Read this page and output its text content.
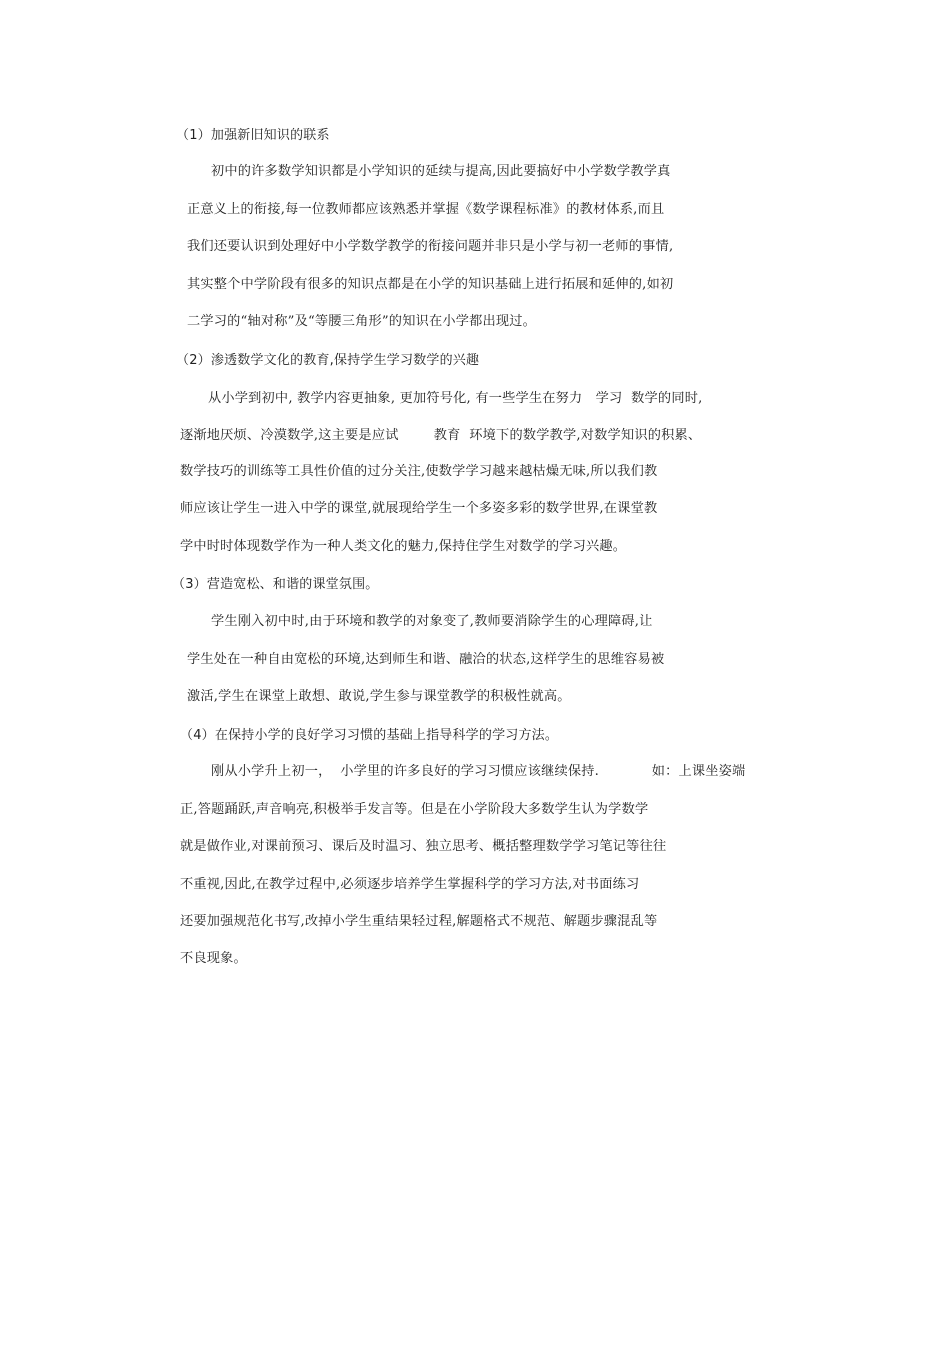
（1）加强新旧知识的联系
初中的许多数学知识都是小学知识的延续与提高,因此要搞好中小学数学教学真
正意义上的衔接,每一位教师都应该熟悉并掌握《数学课程标准》的教材体系,而且
我们还要认识到处理好中小学数学教学的衔接问题并非只是小学与初一老师的事情,
其实整个中学阶段有很多的知识点都是在小学的知识基础上进行拓展和延伸的,如初
二学习的“轴对称”及“等腰三角形”的知识在小学都出现过。
（2）渗透数学文化的教育,保持学生学习数学的兴趣
从小学到初中, 教学内容更抽象, 更加符号化, 有一些学生在努力   学习  数学的同时,
逐渐地厌烦、冷漠数学,这主要是应试        教育  环境下的数学教学,对数学知识的积累、
数学技巧的训练等工具性价值的过分关注,使数学学习越来越枯燥无味,所以我们教
师应该让学生一进入中学的课堂,就展现给学生一个多姿多彩的数学世界,在课堂教
学中时时体现数学作为一种人类文化的魅力,保持住学生对数学的学习兴趣。
（3）营造宽松、和谐的课堂氛围。
学生刚入初中时,由于环境和教学的对象变了,教师要消除学生的心理障碍,让
学生处在一种自由宽松的环境,达到师生和谐、融洽的状态,这样学生的思维容易被
激活,学生在课堂上敢想、敢说,学生参与课堂教学的积极性就高。
（4）在保持小学的良好学习习惯的基础上指导科学的学习方法。
刚从小学升上初一，  小学里的许多良好的学习习惯应该继续保持.            如：上课坐姿端
正,答题踊跃,声音响亮,积极举手发言等。但是在小学阶段大多数学生认为学数学
就是做作业,对课前预习、课后及时温习、独立思考、概括整理数学学习笔记等往往
不重视,因此,在教学过程中,必须逐步培养学生掌握科学的学习方法,对书面练习
还要加强规范化书写,改掉小学生重结果轻过程,解题格式不规范、解题步骤混乱等
不良现象。
